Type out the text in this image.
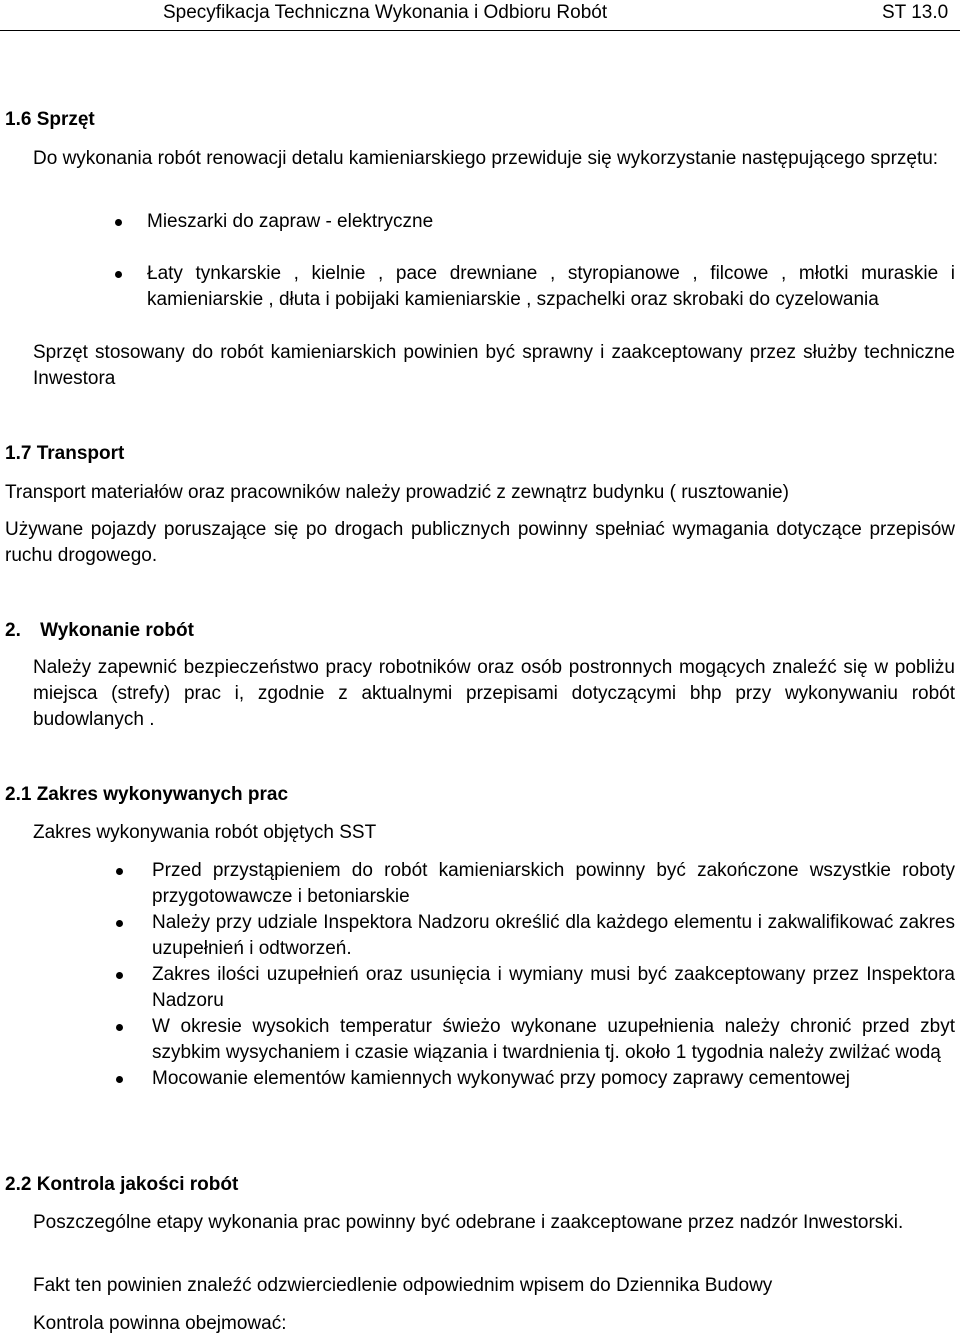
Specyfikacja Techniczna Wykonania i Odbioru Robót	ST 13.0
1.6 Sprzęt
Do wykonania robót renowacji detalu kamieniarskiego przewiduje się wykorzystanie następującego sprzętu:
Mieszarki do zapraw - elektryczne
Łaty tynkarskie , kielnie , pace drewniane , styropianowe , filcowe , młotki muraskie i kamieniarskie , dłuta i pobijaki kamieniarskie , szpachelki oraz skrobaki do cyzelowania
Sprzęt stosowany do robót kamieniarskich powinien być sprawny i zaakceptowany przez służby techniczne Inwestora
1.7 Transport
Transport materiałów oraz pracowników należy prowadzić z zewnątrz budynku ( rusztowanie)
Używane pojazdy poruszające się po drogach publicznych powinny spełniać wymagania dotyczące przepisów ruchu drogowego.
2. Wykonanie robót
Należy zapewnić bezpieczeństwo pracy robotników oraz osób postronnych mogących znaleźć się w pobliżu miejsca (strefy) prac i, zgodnie z aktualnymi przepisami dotyczącymi bhp przy wykonywaniu robót budowlanych .
2.1 Zakres wykonywanych prac
Zakres wykonywania robót objętych SST
Przed przystąpieniem do robót kamieniarskich powinny być zakończone wszystkie roboty przygotowawcze i betoniarskie
Należy przy udziale Inspektora Nadzoru określić dla każdego elementu i zakwalifikować zakres uzupełnień i odtworzeń.
Zakres ilości uzupełnień oraz usunięcia i wymiany musi być zaakceptowany przez Inspektora Nadzoru
W okresie wysokich temperatur świeżo wykonane uzupełnienia należy chronić przed zbyt szybkim wysychaniem i czasie wiązania i twardnienia tj. około 1 tygodnia należy zwilżać wodą
Mocowanie elementów kamiennych wykonywać przy pomocy zaprawy cementowej
2.2 Kontrola jakości robót
Poszczególne etapy wykonania prac powinny być odebrane i zaakceptowane przez nadzór Inwestorski.
Fakt ten powinien znaleźć odzwierciedlenie odpowiednim wpisem do Dziennika Budowy
Kontrola powinna obejmować:
